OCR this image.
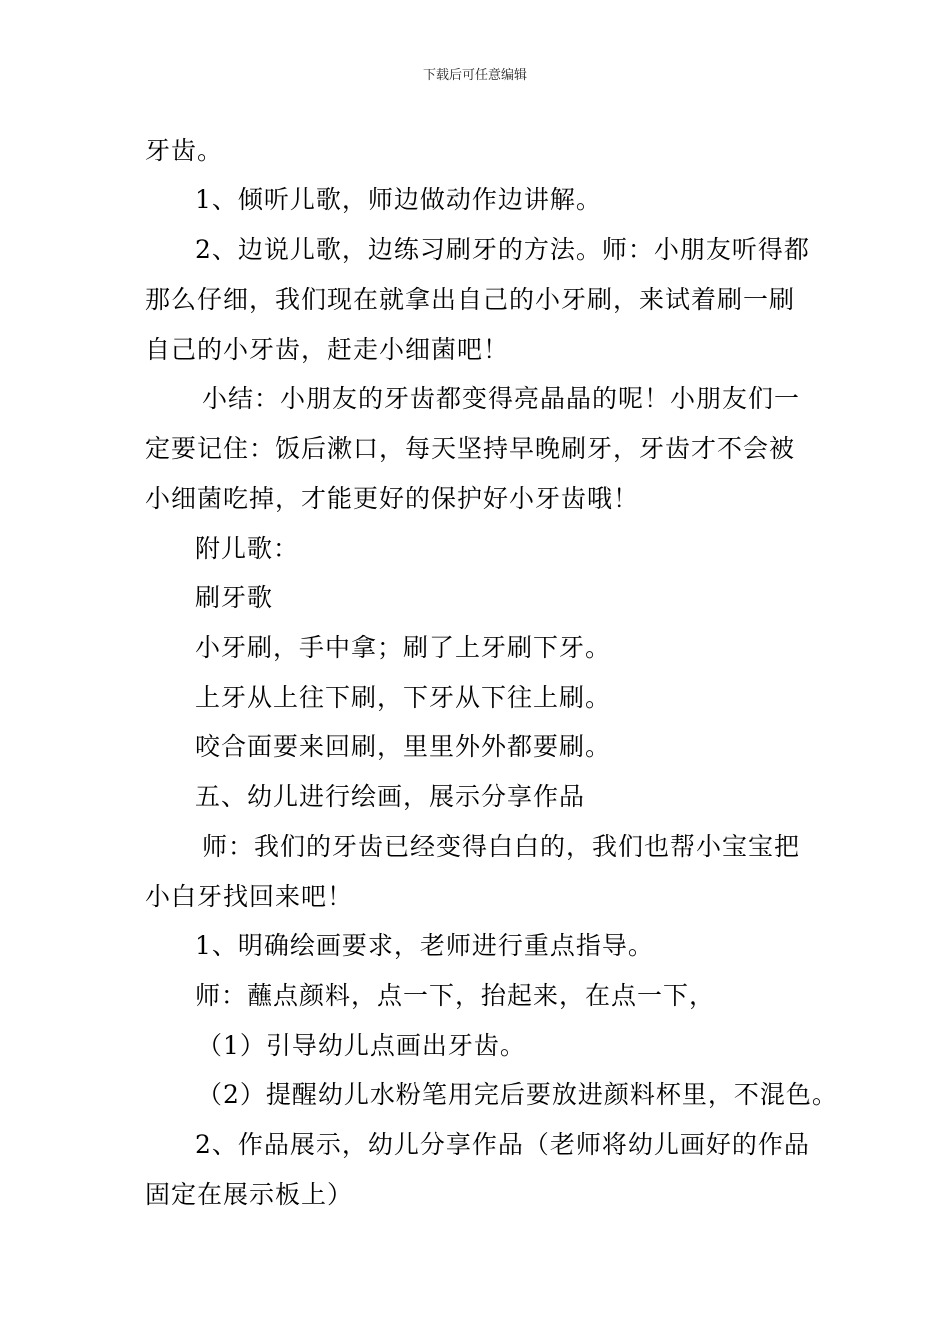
下载后可任意编辑
牙齿。
1、倾听儿歌，师边做动作边讲解。
2、边说儿歌，边练习刷牙的方法。师：小朋友听得都
那么仔细，我们现在就拿出自己的小牙刷，来试着刷一刷
自己的小牙齿，赶走小细菌吧！
小结：小朋友的牙齿都变得亮晶晶的呢！小朋友们一
定要记住：饭后漱口，每天坚持早晚刷牙，牙齿才不会被
小细菌吃掉，才能更好的保护好小牙齿哦！
附儿歌：
刷牙歌
小牙刷，手中拿；刷了上牙刷下牙。
上牙从上往下刷，下牙从下往上刷。
咬合面要来回刷，里里外外都要刷。
五、幼儿进行绘画，展示分享作品
师：我们的牙齿已经变得白白的，我们也帮小宝宝把
小白牙找回来吧！
1、明确绘画要求，老师进行重点指导。
师：蘸点颜料，点一下，抬起来，在点一下，
（1）引导幼儿点画出牙齿。
（2）提醒幼儿水粉笔用完后要放进颜料杯里，不混色。
2、作品展示，幼儿分享作品（老师将幼儿画好的作品
固定在展示板上）
